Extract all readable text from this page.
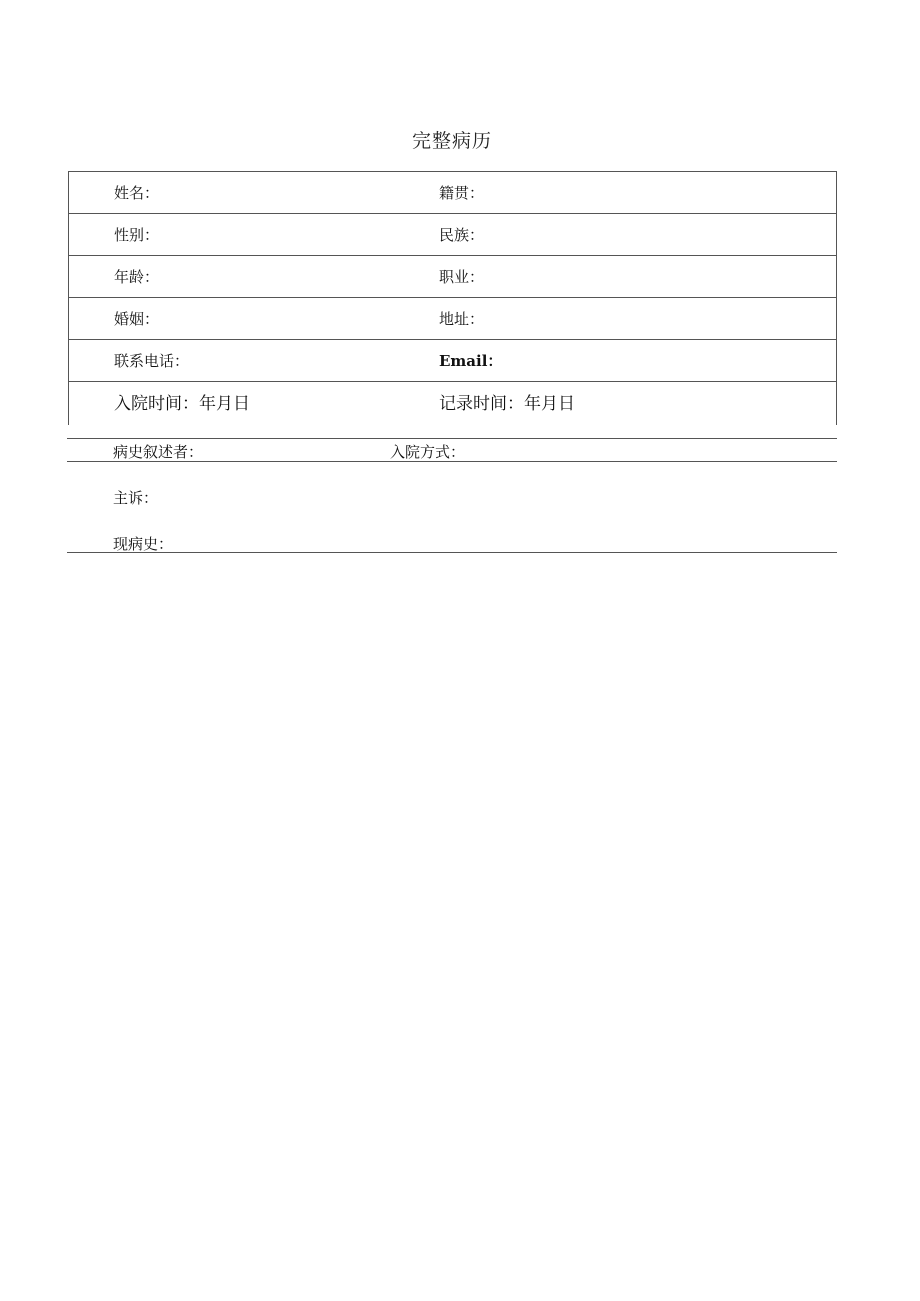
完整病历
姓名：	籍贯：
性别：	民族：
年龄：	职业：
婚姻：	地址：
联系电话：	Email：
入院时间：年月日	记录时间：年月日
病史叙述者：	入院方式：
主诉：
现病史：
